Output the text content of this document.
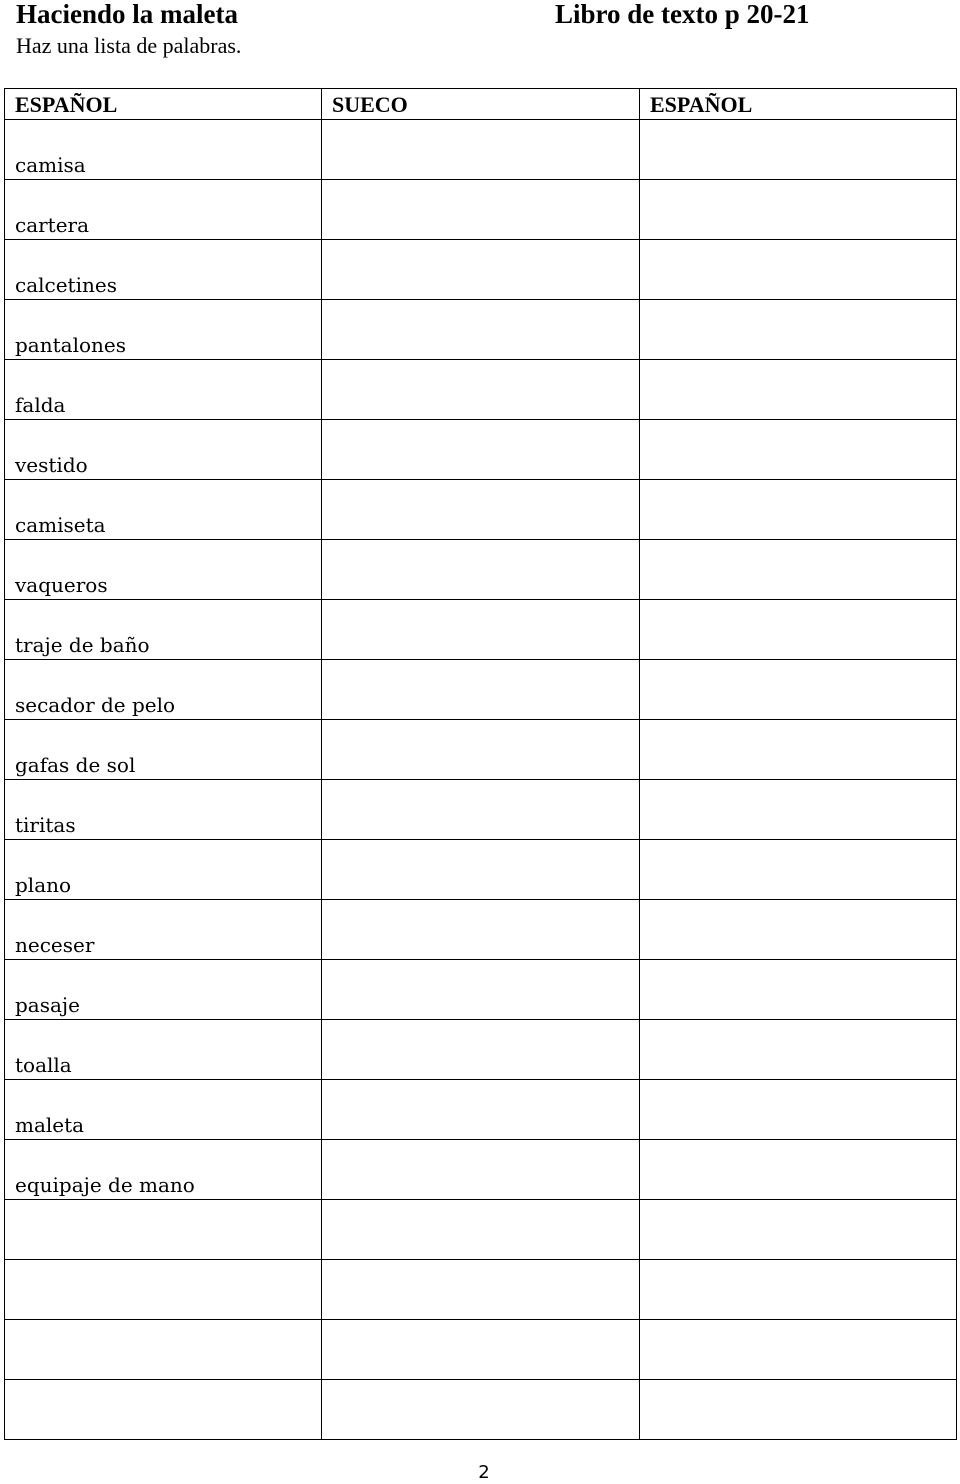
Haciendo la maleta	Libro de texto p 20-21
Haz una lista de palabras.
ESPAÑOL	SUECO	ESPAÑOL
camisa		
cartera		
calcetines		
pantalones		
falda		
vestido		
camiseta		
vaqueros		
traje de baño		
secador de pelo		
gafas de sol		
tiritas		
plano		
neceser		
pasaje		
toalla		
maleta		
equipaje de mano		

2
